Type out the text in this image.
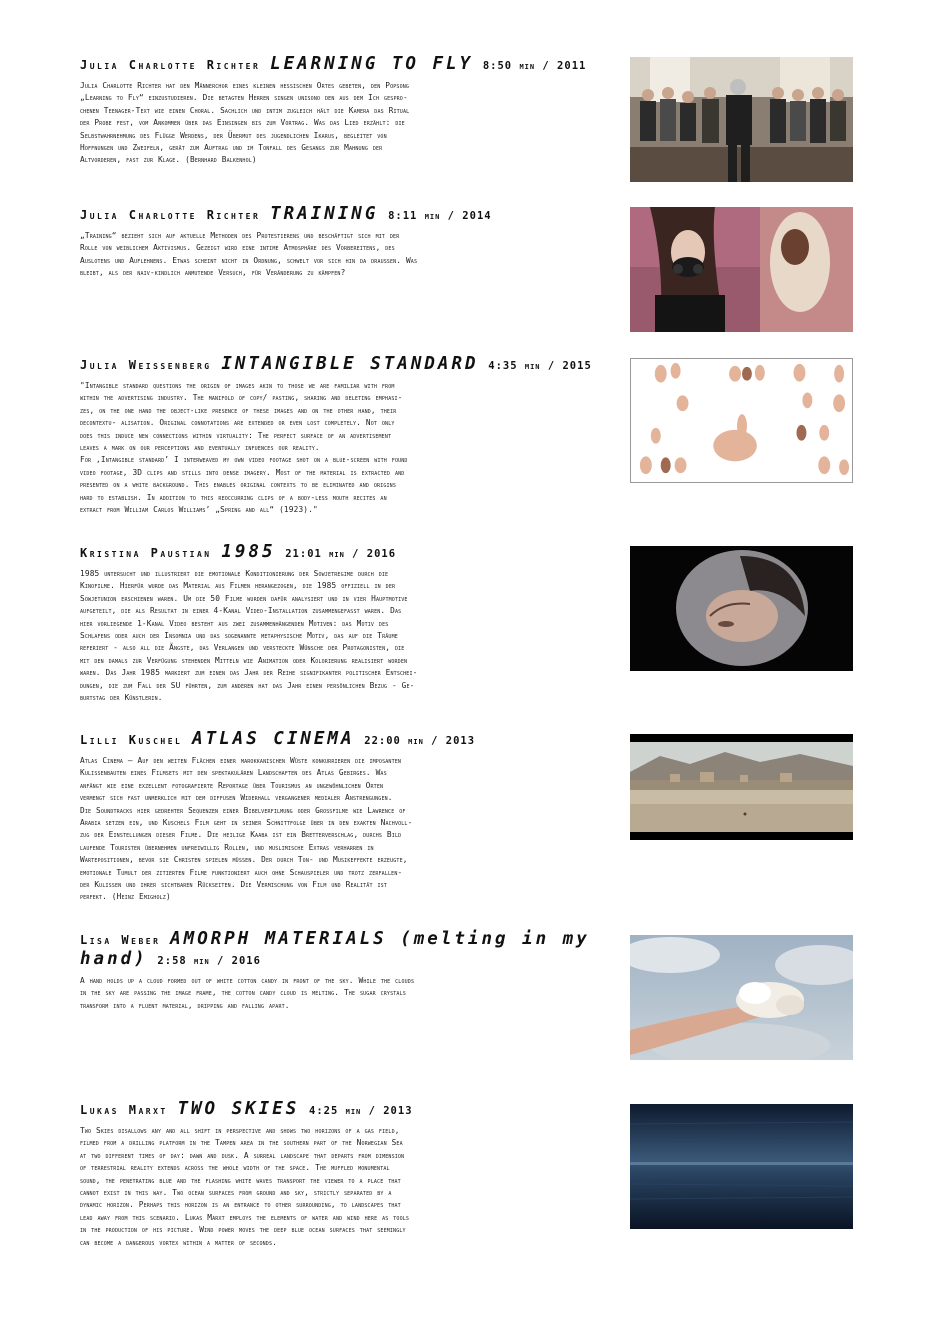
Julia Charlotte Richter LEARNING TO FLY 8:50 min / 2011

Julia Charlotte Richter hat den Männerchor eines kleinen hessischen Ortes gebeten, den Popsong
„Learning to Fly“ einzustudieren. Die betagten Herren singen unisono den aus dem Ich gespro-
chenen Teenager-Text wie einen Choral. Sachlich und intim zugleich hält die Kamera das Ritual
der Probe fest, vom Ankommen über das Einsingen bis zum Vortrag. Was das Lied erzählt: die
Selbstwahrnehmung des Flügge Werdens, der Übermut des jugendlichen Ikarus, begleitet von
Hoffnungen und Zweifeln, gerät zum Auftrag und im Tonfall des Gesangs zur Mahnung der
Altvorderen, fast zur Klage. (Bernhard Balkenhol)

Julia Charlotte Richter TRAINING 8:11 min / 2014

„Training“ bezieht sich auf aktuelle Methoden des Protestierens und beschäftigt sich mit der
Rolle von weiblichem Aktivismus. Gezeigt wird eine intime Atmosphäre des Vorbereitens, des
Auslotens und Auflehnens. Etwas scheint nicht in Ordnung, schwelt vor sich hin da draußen. Was
bleibt, als der naiv-kindlich anmutende Versuch, für Veränderung zu kämpfen?

Julia Weissenberg INTANGIBLE STANDARD 4:35 min / 2015

"Intangible standard questions the origin of images akin to those we are familiar with from
within the advertising industry. The manifold of copy/ pasting, sharing and deleting emphasi-
zes, on the one hand the object-like presence of these images and on the other hand, their
decontextu- alisation. Original connotations are extended or even lost completely. Not only
does this induce new connections within virtuality: The perfect surface of an advertisement
leaves a mark on our perceptions and eventually infuences our reality.
For ‚Intangible standard’ I interweaved my own video footage shot on a blue-screen with found
video footage, 3D clips and stills into dense imagery. Most of the material is extracted and
presented on a white background. This enables original contexts to be eliminated and origins
hard to establish. In addition to this reoccurring clips of a body-less mouth recites an
extract from William Carlos Williams’ „Spring and all“ (1923)."

Kristina Paustian 1985 21:01 min / 2016

1985 untersucht und illustriert die emotionale Konditionierung der Sowjetregime durch die
Kinofilme. Hierfür wurde das Material aus Filmen herangezogen, die 1985 offiziell in der
Sowjetunion erschienen waren. Um die 50 Filme wurden dafür analysiert und in vier Hauptmotive
aufgeteilt, die als Resultat in einer 4-Kanal Video-Installation zusammengefasst waren. Das
hier vorliegende 1-Kanal Video besteht aus zwei zusammenhängenden Motiven: das Motiv des
Schlafens oder auch der Insomnia und das sogenannte metaphysische Motiv, das auf die Träume
referiert - also all die Ängste, das Verlangen und versteckte Wünsche der Protagonisten, die
mit den damals zur Verfügung stehenden Mitteln wie Animation oder Kolorierung realisiert worden
waren. Das Jahr 1985 markiert zum einen das Jahr der Reihe signifikanter politischer Entschei-
dungen, die zum Fall der SU führten, zum anderen hat das Jahr einen persönlichen Bezug - Ge-
burtstag der Künstlerin.

Lilli Kuschel ATLAS CINEMA 22:00 min / 2013

Atlas Cinema – Auf den weiten Flächen einer marokkanischen Wüste konkurrieren die imposanten
Kulissenbauten eines Filmsets mit den spektakulären Landschaften des Atlas Gebirges. Was
anfängt wie eine exzellent fotografierte Reportage über Tourismus an ungewöhnlichen Orten
vermengt sich fast unmerklich mit dem diffusen Widerhall vergangener medialer Anstrengungen.
Die Soundtracks hier gedrehter Sequenzen einer Bibelverfilmung oder Großfilme wie Lawrence of
Arabia setzen ein, und Kuschels Film geht in seiner Schnittfolge über in den exakten Nachvoll-
zug der Einstellungen dieser Filme. Die heilige Kaaba ist ein Bretterverschlag, durchs Bild
laufende Touristen übernehmen unfreiwillig Rollen, und muslimische Extras verharren in
Wartepositionen, bevor sie Christen spielen müssen. Der durch Ton- und Musikeffekte erzeugte,
emotionale Tumult der zitierten Filme funktioniert auch ohne Schauspieler und trotz zerfallen-
der Kulissen und ihrer sichtbaren Rückseiten. Die Vermischung von Film und Realität ist
perfekt. (Heinz Emigholz)

Lisa Weber AMORPH MATERIALS (melting in my hand) 2:58 min / 2016

A hand holds up a cloud formed out of white cotton candy in front of the sky. While the clouds
in the sky are passing the image frame, the cotton candy cloud is melting. The sugar crystals
transform into a fluent material, dripping and falling apart.

Lukas Marxt TWO SKIES 4:25 min / 2013

Two Skies disallows any and all shift in perspective and shows two horizons of a gas field,
filmed from a drilling platform in the Tampen area in the southern part of the Norwegian Sea
at two different times of day: dawn and dusk. A surreal landscape that departs from dimension
of terrestrial reality extends across the whole width of the space. The muffled monumental
sound, the penetrating blue and the flashing white waves transport the viewer to a place that
cannot exist in this way. Two ocean surfaces from ground and sky, strictly separated by a
dynamic horizon. Perhaps this horizon is an entrance to other surrounding, to landscapes that
lead away from this scenario. Lukas Marxt employs the elements of water and wind here as tools
in the production of his picture. Wind power moves the deep blue ocean surfaces that seemingly
can become a dangerous vortex within a matter of seconds.
